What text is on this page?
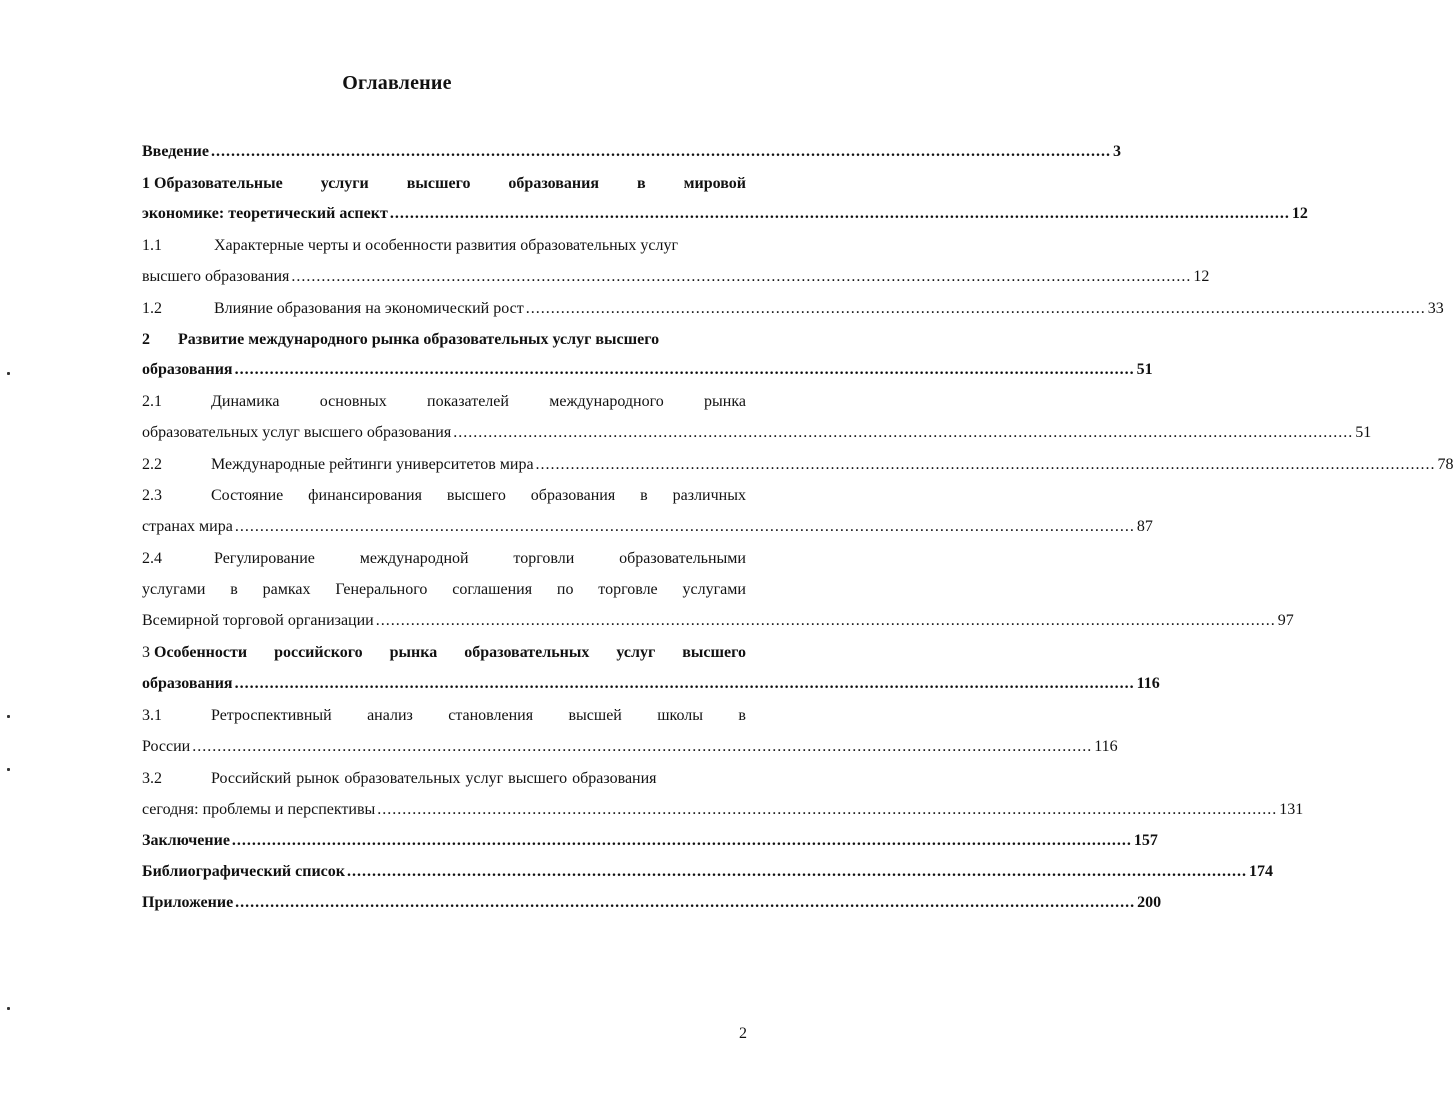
Оглавление
Введение .................................................................................................................................................................................... 3
1 Образовательные услуги высшего образования в мировой
экономике: теоретический аспект .................................................................................................................................................................................... 12
1.1	Характерные черты и особенности развития образовательных услуг
высшего образования .................................................................................................................................................................................... 12
1.2	Влияние образования на экономический рост .................................................................................................................................................................................... 33
2 Развитие международного рынка образовательных услуг высшего
образования .................................................................................................................................................................................... 51
2.1	Динамика	основных	показателей	международного	рынка
образовательных услуг высшего образования .................................................................................................................................................................................... 51
2.2	Международные рейтинги университетов мира .................................................................................................................................................................................... 78
2.3	Состояние финансирования высшего образования в различных
странах мира .................................................................................................................................................................................... 87
2.4	Регулирование	международной	торговли	образовательными
услугами в рамках Генерального соглашения по торговле услугами
Всемирной торговой организации .................................................................................................................................................................................... 97
3 Особенности российского рынка образовательных услуг высшего
образования .................................................................................................................................................................................... 116
3.1	Ретроспективный анализ становления высшей школы в
России .................................................................................................................................................................................... 116
3.2	Российский рынок образовательных услуг высшего образования
сегодня: проблемы и перспективы .................................................................................................................................................................................... 131
Заключение .................................................................................................................................................................................... 157
Библиографический список .................................................................................................................................................................................... 174
Приложение .................................................................................................................................................................................... 200
2
